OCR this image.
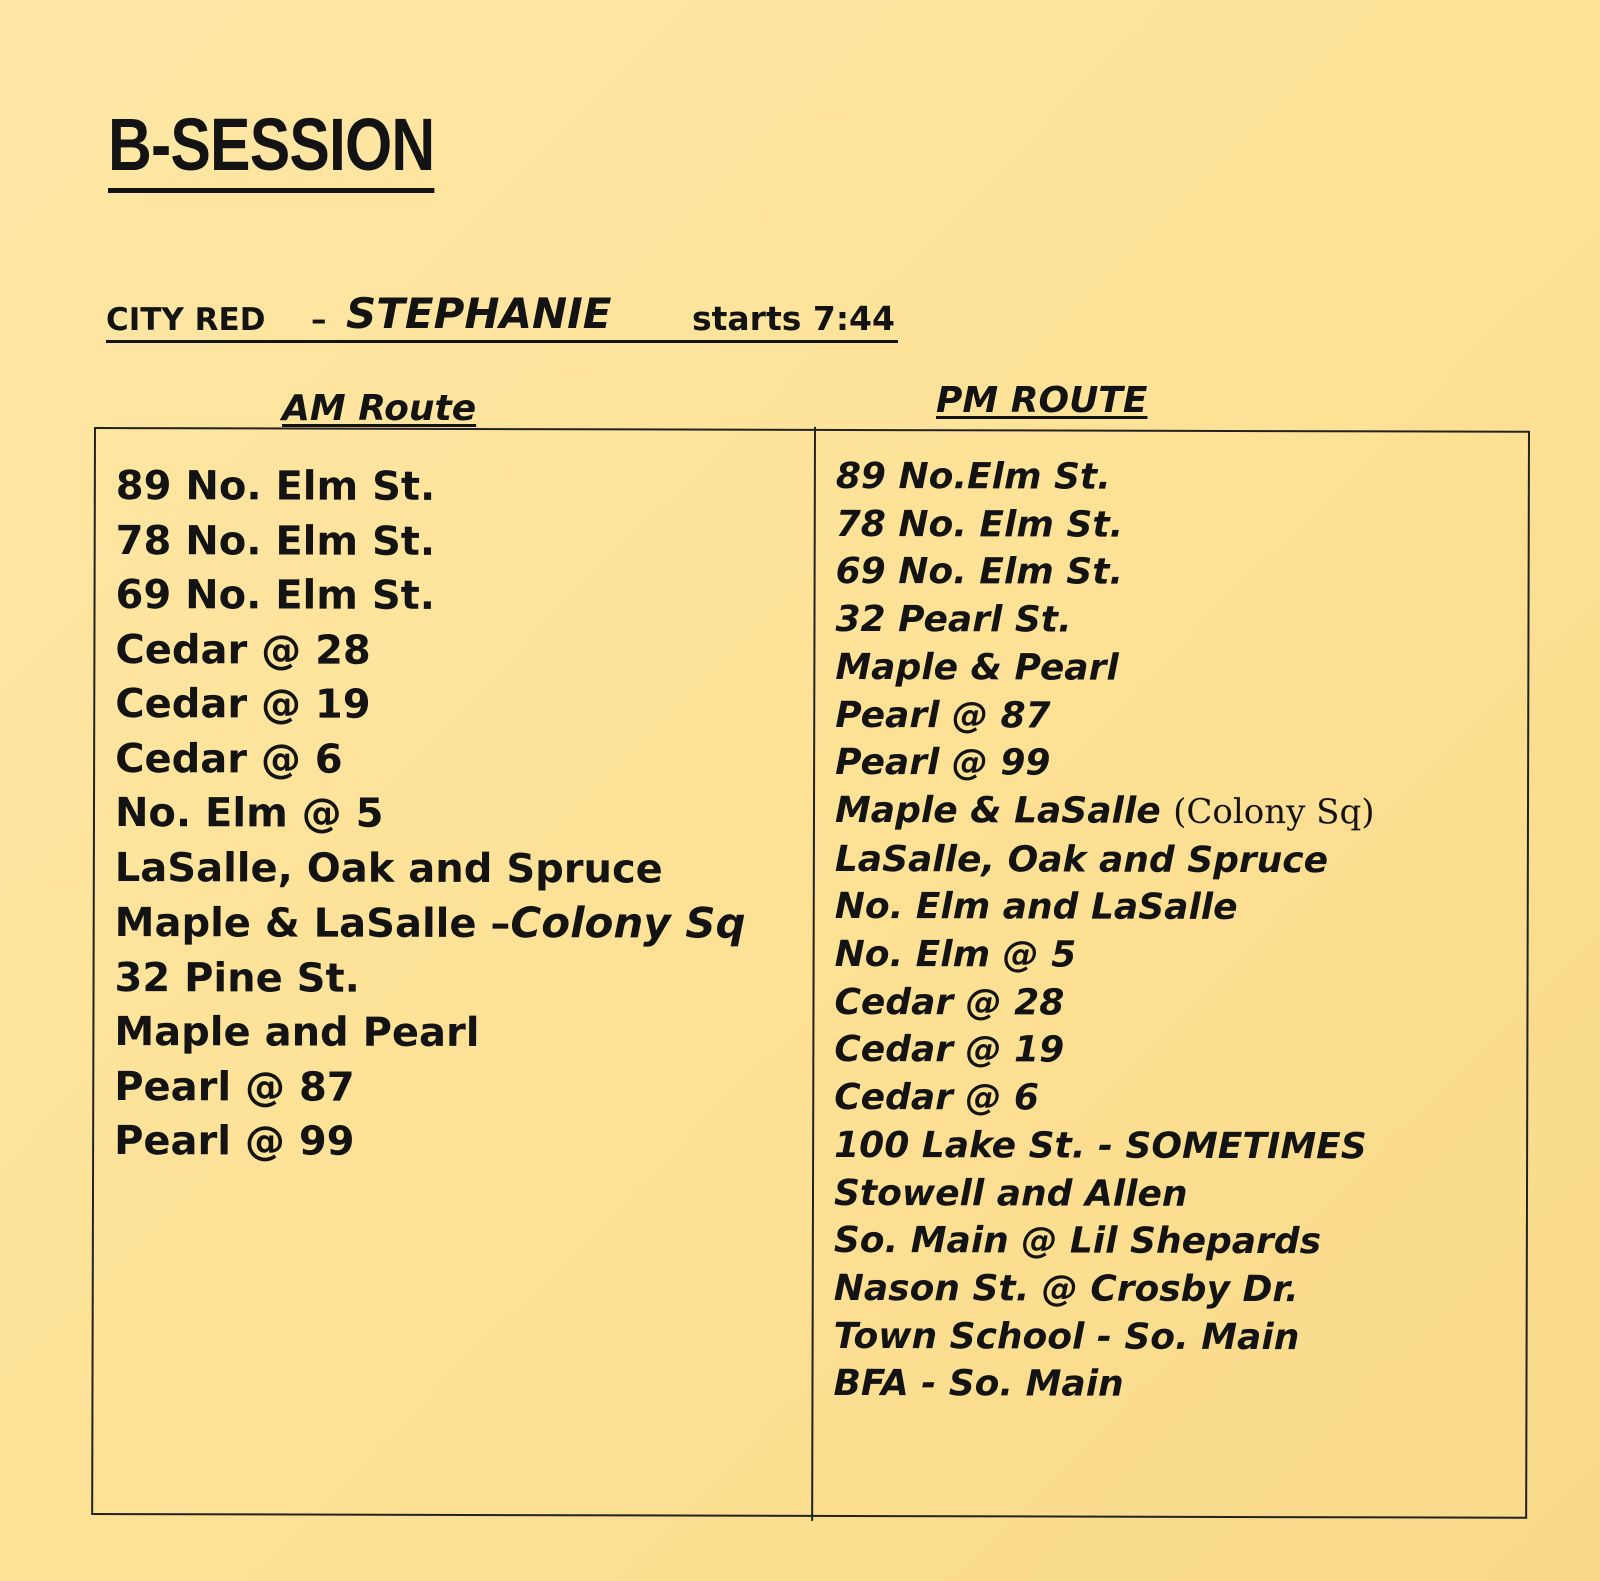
B-SESSION
CITY RED – STEPHANIE starts 7:44
AM Route	PM ROUTE
89 No. Elm St.
78 No. Elm St.
69 No. Elm St.
Cedar @ 28
Cedar @ 19
Cedar @ 6
No. Elm @ 5
LaSalle, Oak and Spruce
Maple & LaSalle –Colony Sq
32 Pine St.
Maple and Pearl
Pearl @ 87
Pearl @ 99
89 No.Elm St.
78 No. Elm St.
69 No. Elm St.
32 Pearl St.
Maple & Pearl
Pearl @ 87
Pearl @ 99
Maple & LaSalle (Colony Sq)
LaSalle, Oak and Spruce
No. Elm and LaSalle
No. Elm @ 5
Cedar @ 28
Cedar @ 19
Cedar @ 6
100 Lake St. - SOMETIMES
Stowell and Allen
So. Main @ Lil Shepards
Nason St. @ Crosby Dr.
Town School - So. Main
BFA - So. Main
